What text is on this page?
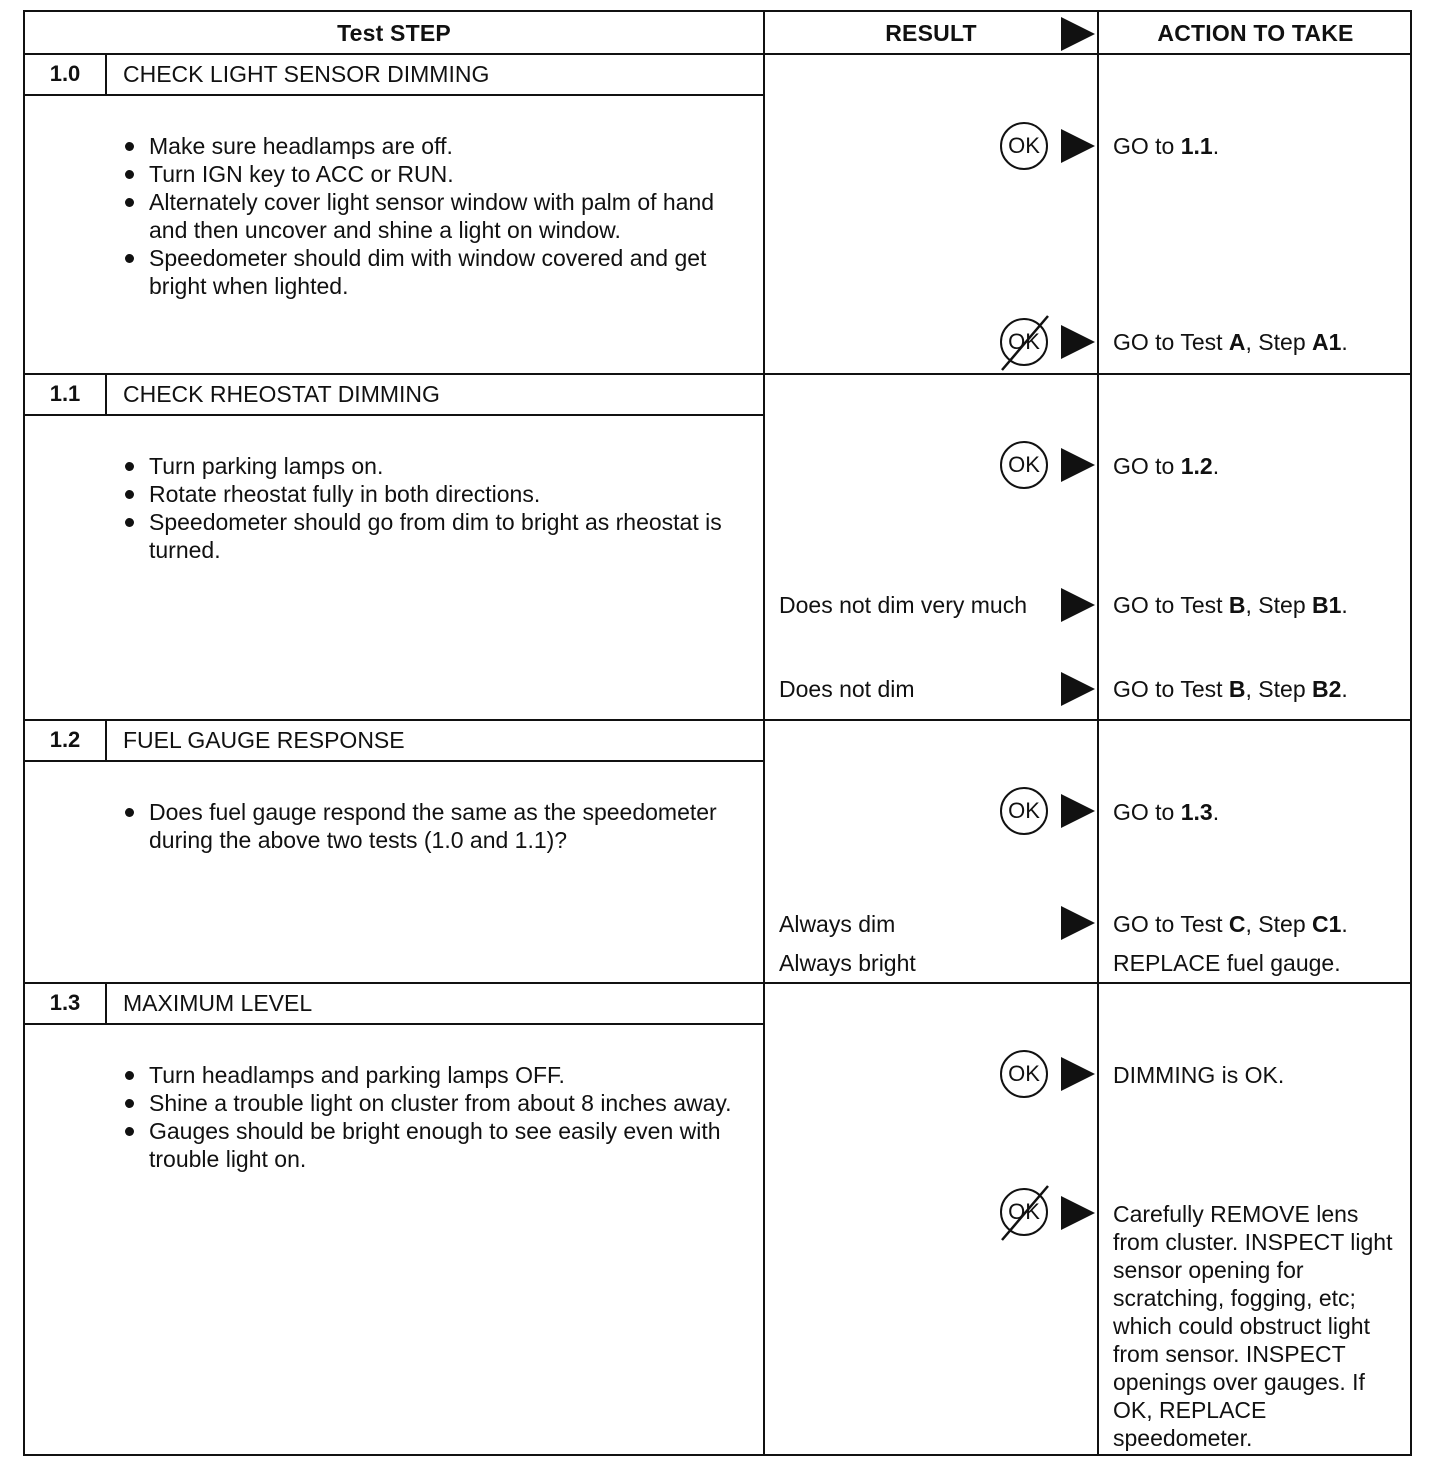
Test STEP	RESULT	ACTION TO TAKE
1.0	CHECK LIGHT SENSOR DIMMING
Make sure headlamps are off.
Turn IGN key to ACC or RUN.
Alternately cover light sensor window with palm of hand and then uncover and shine a light on window.
Speedometer should dim with window covered and get bright when lighted.
OK	GO to 1.1.
OK	GO to Test A, Step A1.
1.1	CHECK RHEOSTAT DIMMING
Turn parking lamps on.
Rotate rheostat fully in both directions.
Speedometer should go from dim to bright as rheostat is turned.
OK	GO to 1.2.
Does not dim very much	GO to Test B, Step B1.
Does not dim	GO to Test B, Step B2.
1.2	FUEL GAUGE RESPONSE
Does fuel gauge respond the same as the speedometer during the above two tests (1.0 and 1.1)?
OK	GO to 1.3.
Always dim	GO to Test C, Step C1.
Always bright	REPLACE fuel gauge.
1.3	MAXIMUM LEVEL
Turn headlamps and parking lamps OFF.
Shine a trouble light on cluster from about 8 inches away.
Gauges should be bright enough to see easily even with trouble light on.
OK	DIMMING is OK.
OK	Carefully REMOVE lens from cluster. INSPECT light sensor opening for scratching, fogging, etc; which could obstruct light from sensor. INSPECT openings over gauges. If OK, REPLACE speedometer.
